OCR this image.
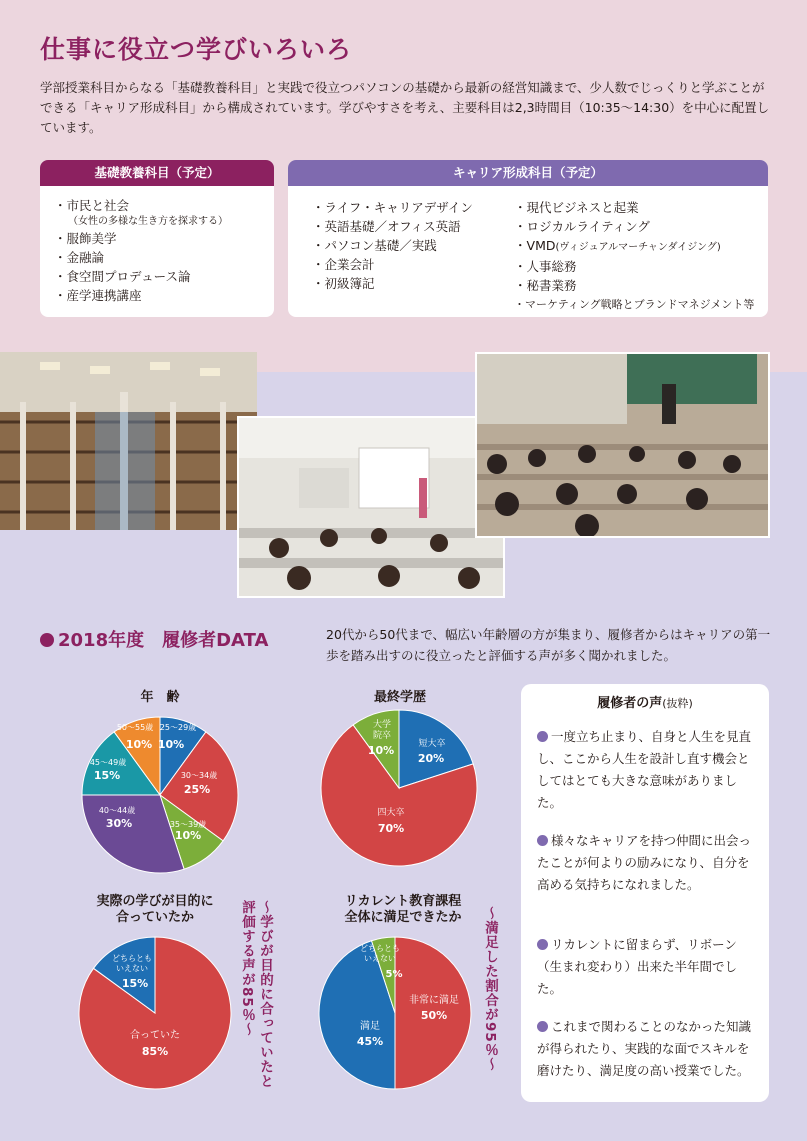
仕事に役立つ学びいろいろ

学部授業科目からなる「基礎教養科目」と実践で役立つパソコンの基礎から最新の経営知識まで、少人数でじっくりと学ぶことができる「キャリア形成科目」から構成されています。学びやすさを考え、主要科目は2,3時間目（10:35～14:30）を中心に配置しています。

基礎教養科目（予定）
・ 市民と社会
（女性の多様な生き方を探求する）
・ 服飾美学
・ 金融論
・ 食空間プロデュース論
・ 産学連携講座
キャリア形成科目（予定）
・ ライフ・キャリアデザイン
・ 英語基礎／オフィス英語
・ パソコン基礎／実践
・ 企業会計
・ 初級簿記
・ 現代ビジネスと起業
・ ロジカルライティング
・ VMD(ヴィジュアルマーチャンダイジング)
・ 人事総務
・ 秘書業務
・ マーケティング戦略とブランドマネジメント等
2018年度　履修者DATA	20代から50代まで、幅広い年齢層の方が集まり、履修者からはキャリアの第一歩を踏み出すのに役立ったと評価する声が多く聞かれました。

年　齢	最終学歴
実際の学びが目的に
合っていたか
リカレント教育課程
全体に満足できたか
25～29歳
10%
30～34歳
25%
35～39歳
10%
40～44歳
30%
45～49歳
15%
50～55歳
10%	短大卒
20%
四大卒
70%
大学
院卒
10%
合っていた
85%
どちらとも
いえない
15%
非常に満足
50%
満足
45%
どちらとも
いえない
5%
～学びが目的に合っていたと評価する声が85％～	～満足した割合が95％～
履修者の声(抜粋)
一度立ち止まり、自身と人生を見直し、ここから人生を設計し直す機会としてはとても大きな意味がありました。
様々なキャリアを持つ仲間に出会ったことが何よりの励みになり、自分を高める気持ちになれました。
リカレントに留まらず、リボーン（生まれ変わり）出来た半年間でした。
これまで関わることのなかった知識が得られたり、実践的な面でスキルを磨けたり、満足度の高い授業でした。
